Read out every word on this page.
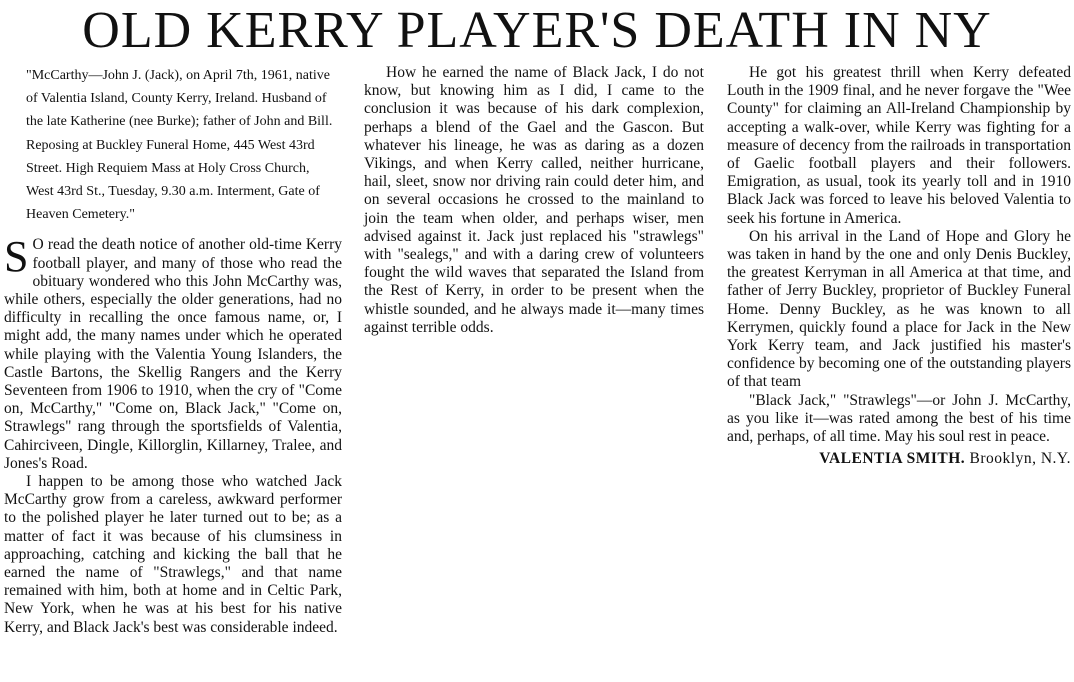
OLD KERRY PLAYER'S DEATH IN NY

"McCarthy—John J. (Jack), on April 7th, 1961, native of Valentia Island, County Kerry, Ireland. Husband of the late Katherine (nee Burke); father of John and Bill. Reposing at Buckley Funeral Home, 445 West 43rd Street. High Requiem Mass at Holy Cross Church, West 43rd St., Tuesday, 9.30 a.m. Interment, Gate of Heaven Cemetery."

S O read the death notice of another old-time Kerry football player, and many of those who read the obituary wondered who this John McCarthy was, while others, especially the older generations, had no difficulty in recalling the once famous name, or, I might add, the many names under which he operated while playing with the Valentia Young Islanders, the Castle Bartons, the Skellig Rangers and the Kerry Seventeen from 1906 to 1910, when the cry of "Come on, McCarthy," "Come on, Black Jack," "Come on, Strawlegs" rang through the sportsfields of Valentia, Cahirciveen, Dingle, Killorglin, Killarney, Tralee, and Jones's Road.

I happen to be among those who watched Jack McCarthy grow from a careless, awkward performer to the polished player he later turned out to be; as a matter of fact it was because of his clumsiness in approaching, catching and kicking the ball that he earned the name of "Strawlegs," and that name remained with him, both at home and in Celtic Park, New York, when he was at his best for his native Kerry, and Black Jack's best was considerable indeed.

How he earned the name of Black Jack, I do not know, but knowing him as I did, I came to the conclusion it was because of his dark complexion, perhaps a blend of the Gael and the Gascon. But whatever his lineage, he was as daring as a dozen Vikings, and when Kerry called, neither hurricane, hail, sleet, snow nor driving rain could deter him, and on several occasions he crossed to the mainland to join the team when older, and perhaps wiser, men advised against it. Jack just replaced his "strawlegs" with "sealegs," and with a daring crew of volunteers fought the wild waves that separated the Island from the Rest of Kerry, in order to be present when the whistle sounded, and he always made it—many times against terrible odds.

He got his greatest thrill when Kerry defeated Louth in the 1909 final, and he never forgave the "Wee County" for claiming an All-Ireland Championship by accepting a walk-over, while Kerry was fighting for a measure of decency from the railroads in transportation of Gaelic football players and their followers. Emigration, as usual, took its yearly toll and in 1910 Black Jack was forced to leave his beloved Valentia to seek his fortune in America.

On his arrival in the Land of Hope and Glory he was taken in hand by the one and only Denis Buckley, the greatest Kerryman in all America at that time, and father of Jerry Buckley, proprietor of Buckley Funeral Home. Denny Buckley, as he was known to all Kerrymen, quickly found a place for Jack in the New York Kerry team, and Jack justified his master's confidence by becoming one of the outstanding players of that team

"Black Jack," "Strawlegs"—or John J. McCarthy, as you like it—was rated among the best of his time and, perhaps, of all time. May his soul rest in peace.

VALENTIA SMITH. Brooklyn, N.Y.
